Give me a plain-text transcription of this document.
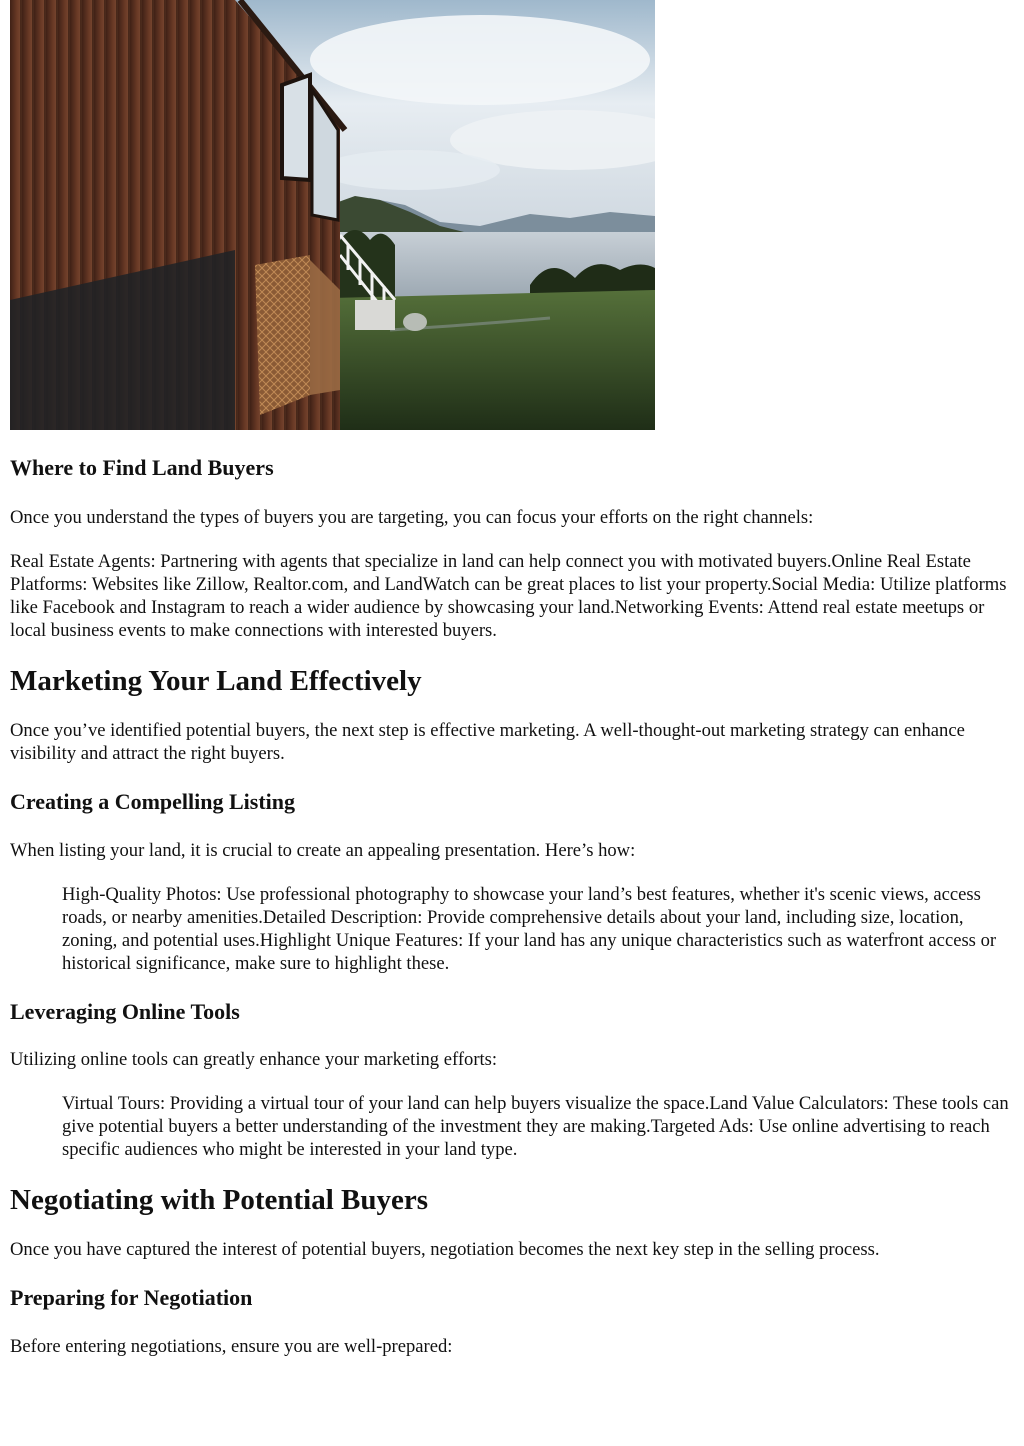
Where to Find Land Buyers

Once you understand the types of buyers you are targeting, you can focus your efforts on the right channels:

Real Estate Agents: Partnering with agents that specialize in land can help connect you with motivated buyers.Online Real Estate Platforms: Websites like Zillow, Realtor.com, and LandWatch can be great places to list your property.Social Media: Utilize platforms like Facebook and Instagram to reach a wider audience by showcasing your land.Networking Events: Attend real estate meetups or local business events to make connections with interested buyers.

Marketing Your Land Effectively

Once you’ve identified potential buyers, the next step is effective marketing. A well-thought-out marketing strategy can enhance visibility and attract the right buyers.

Creating a Compelling Listing

When listing your land, it is crucial to create an appealing presentation. Here’s how:

High-Quality Photos: Use professional photography to showcase your land’s best features, whether it's scenic views, access roads, or nearby amenities.Detailed Description: Provide comprehensive details about your land, including size, location, zoning, and potential uses.Highlight Unique Features: If your land has any unique characteristics such as waterfront access or historical significance, make sure to highlight these.

Leveraging Online Tools

Utilizing online tools can greatly enhance your marketing efforts:

Virtual Tours: Providing a virtual tour of your land can help buyers visualize the space.Land Value Calculators: These tools can give potential buyers a better understanding of the investment they are making.Targeted Ads: Use online advertising to reach specific audiences who might be interested in your land type.

Negotiating with Potential Buyers

Once you have captured the interest of potential buyers, negotiation becomes the next key step in the selling process.

Preparing for Negotiation

Before entering negotiations, ensure you are well-prepared:
